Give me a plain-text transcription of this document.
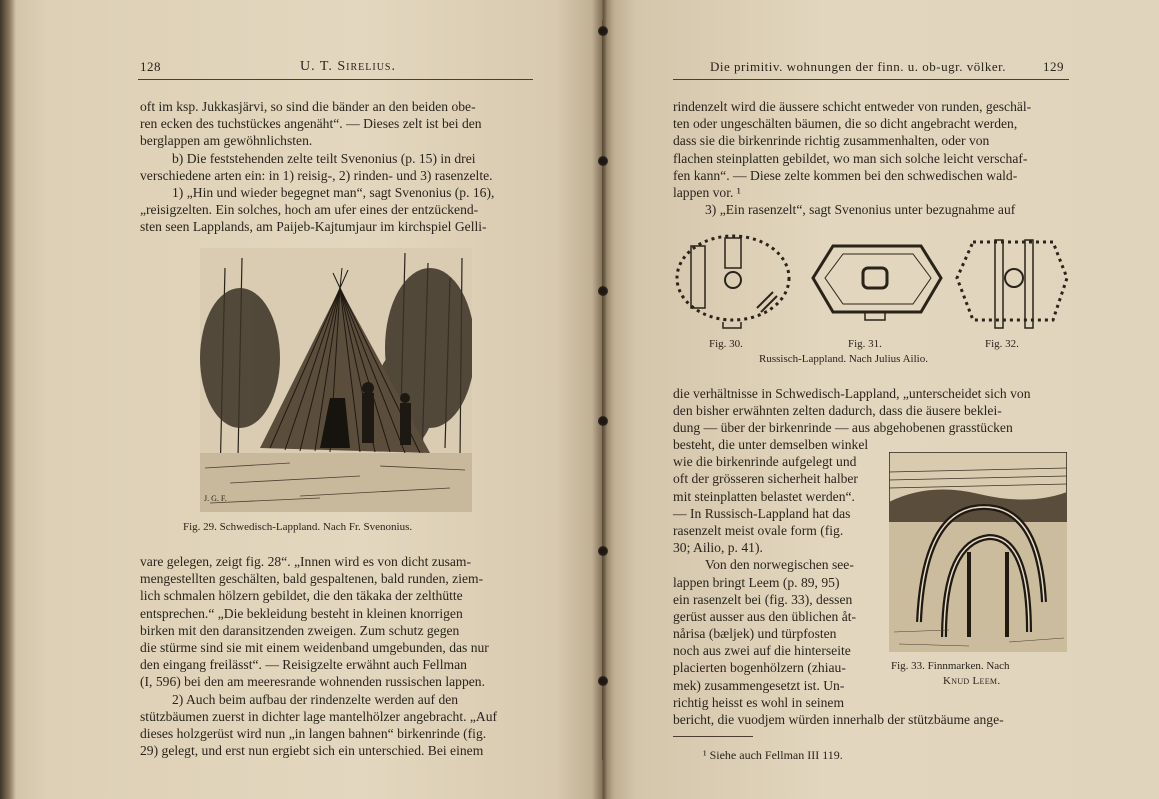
128	U. T. Sirelius.
oft im ksp. Jukkasjärvi, so sind die bänder an den beiden obe-
ren ecken des tuchstückes angenäht“. — Dieses zelt ist bei den
berglappen am gewöhnlichsten.
b) Die feststehenden zelte teilt Svenonius (p. 15) in drei
verschiedene arten ein: in 1) reisig-, 2) rinden- und 3) rasenzelte.
1) „Hin und wieder begegnet man“, sagt Svenonius (p. 16),
„reisigzelten. Ein solches, hoch am ufer eines der entzückend-
sten seen Lapplands, am Paijeb-Kajtumjaur im kirchspiel Gelli-
J. G. F.
Fig. 29. Schwedisch-Lappland. Nach Fr. Svenonius.
vare gelegen, zeigt fig. 28“. „Innen wird es von dicht zusam-
mengestellten geschälten, bald gespaltenen, bald runden, ziem-
lich schmalen hölzern gebildet, die den täkaka der zelthütte
entsprechen.“ „Die bekleidung besteht in kleinen knorrigen
birken mit den daransitzenden zweigen. Zum schutz gegen
die stürme sind sie mit einem weidenband umgebunden, das nur
den eingang freilässt“. — Reisigzelte erwähnt auch Fellman
(I, 596) bei den am meeresrande wohnenden russischen lappen.
2) Auch beim aufbau der rindenzelte werden auf den
stützbäumen zuerst in dichter lage mantelhölzer angebracht. „Auf
dieses holzgerüst wird nun „in langen bahnen“ birkenrinde (fig.
29) gelegt, und erst nun ergiebt sich ein unterschied. Bei einem
Die primitiv. wohnungen der finn. u. ob-ugr. völker.	129
rindenzelt wird die äussere schicht entweder von runden, geschäl-
ten oder ungeschälten bäumen, die so dicht angebracht werden,
dass sie die birkenrinde richtig zusammenhalten, oder von
flachen steinplatten gebildet, wo man sich solche leicht verschaf-
fen kann“. — Diese zelte kommen bei den schwedischen wald-
lappen vor. ¹
3) „Ein rasenzelt“, sagt Svenonius unter bezugnahme auf
Fig. 30.	Fig. 31.	Fig. 32.
Russisch-Lappland. Nach Julius Ailio.
die verhältnisse in Schwedisch-Lappland, „unterscheidet sich von
den bisher erwähnten zelten dadurch, dass die äusere beklei-
dung — über der birkenrinde — aus abgehobenen grasstücken
besteht, die unter demselben winkel
wie die birkenrinde aufgelegt und
oft der grösseren sicherheit halber
mit steinplatten belastet werden“.
— In Russisch-Lappland hat das
rasenzelt meist ovale form (fig.
30; Ailio, p. 41).
Von den norwegischen see-
lappen bringt Leem (p. 89, 95)
ein rasenzelt bei (fig. 33), dessen
gerüst ausser aus den üblichen åt-
nårisa (bæljek) und türpfosten
noch aus zwei auf die hinterseite
placierten bogenhölzern (zhiau-
mek) zusammengesetzt ist. Un-
richtig heisst es wohl in seinem
Fig. 33. Finnmarken. Nach
Knud Leem.
bericht, die vuodjem würden innerhalb der stützbäume ange-
¹ Siehe auch Fellman III 119.
